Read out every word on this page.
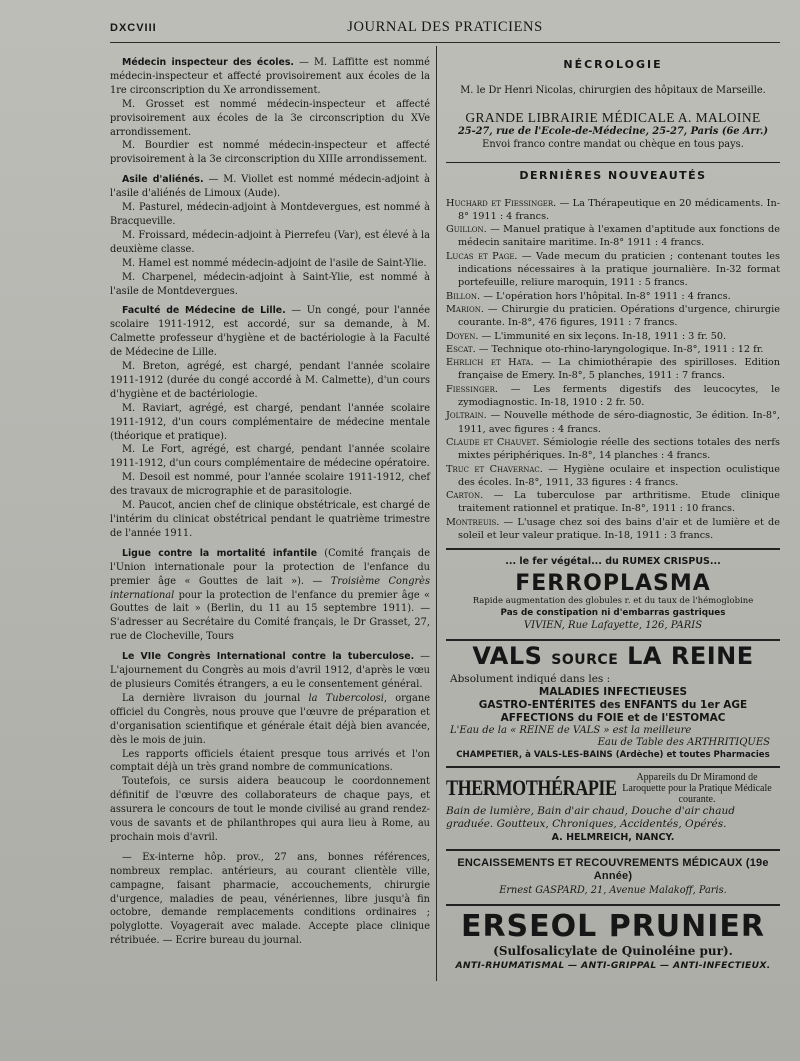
DXCVIII	JOURNAL DES PRATICIENS

Médecin inspecteur des écoles. — M. Laffitte est nommé médecin-inspecteur et affecté provisoirement aux écoles de la 1re circonscription du Xe arrondissement.

M. Grosset est nommé médecin-inspecteur et affecté provisoirement aux écoles de la 3e circonscription du XVe arrondissement.

M. Bourdier est nommé médecin-inspecteur et affecté provisoirement à la 3e circonscription du XIIIe arrondissement.

Asile d'aliénés. — M. Viollet est nommé médecin-adjoint à l'asile d'aliénés de Limoux (Aude).

M. Pasturel, médecin-adjoint à Montdevergues, est nommé à Bracqueville.

M. Froissard, médecin-adjoint à Pierrefeu (Var), est élevé à la deuxième classe.

M. Hamel est nommé médecin-adjoint de l'asile de Saint-Ylie.

M. Charpenel, médecin-adjoint à Saint-Ylie, est nommé à l'asile de Montdevergues.

Faculté de Médecine de Lille. — Un congé, pour l'année scolaire 1911-1912, est accordé, sur sa demande, à M. Calmette professeur d'hygiène et de bactériologie à la Faculté de Médecine de Lille.

M. Breton, agrégé, est chargé, pendant l'année scolaire 1911-1912 (durée du congé accordé à M. Calmette), d'un cours d'hygiène et de bactériologie.

M. Raviart, agrégé, est chargé, pendant l'année scolaire 1911-1912, d'un cours complémentaire de médecine mentale (théorique et pratique).

M. Le Fort, agrégé, est chargé, pendant l'année scolaire 1911-1912, d'un cours complémentaire de médecine opératoire.

M. Desoil est nommé, pour l'année scolaire 1911-1912, chef des travaux de micrographie et de parasitologie.

M. Paucot, ancien chef de clinique obstétricale, est chargé de l'intérim du clinicat obstétrical pendant le quatrième trimestre de l'année 1911.

Ligue contre la mortalité infantile (Comité français de l'Union internationale pour la protection de l'enfance du premier âge « Gouttes de lait »). — Troisième Congrès international pour la protection de l'enfance du premier âge « Gouttes de lait » (Berlin, du 11 au 15 septembre 1911). — S'adresser au Secrétaire du Comité français, le Dr Grasset, 27, rue de Clocheville, Tours

Le VIIe Congrès International contre la tuberculose. — L'ajournement du Congrès au mois d'avril 1912, d'après le vœu de plusieurs Comités étrangers, a eu le consentement général.

La dernière livraison du journal la Tubercolosi, organe officiel du Congrès, nous prouve que l'œuvre de préparation et d'organisation scientifique et générale était déjà bien avancée, dès le mois de juin.

Les rapports officiels étaient presque tous arrivés et l'on comptait déjà un très grand nombre de communications.

Toutefois, ce sursis aidera beaucoup le coordonnement définitif de l'œuvre des collaborateurs de chaque pays, et assurera le concours de tout le monde civilisé au grand rendez-vous de savants et de philanthropes qui aura lieu à Rome, au prochain mois d'avril.

— Ex-interne hôp. prov., 27 ans, bonnes références, nombreux remplac. antérieurs, au courant clientèle ville, campagne, faisant pharmacie, accouchements, chirurgie d'urgence, maladies de peau, vénériennes, libre jusqu'à fin octobre, demande remplacements conditions ordinaires ; polyglotte. Voyagerait avec malade. Accepte place clinique rétribuée. — Ecrire bureau du journal.

NÉCROLOGIE
M. le Dr Henri Nicolas, chirurgien des hôpitaux de Marseille.
GRANDE LIBRAIRIE MÉDICALE A. MALOINE
25-27, rue de l'Ecole-de-Médecine, 25-27, Paris (6e Arr.)
Envoi franco contre mandat ou chèque en tous pays.
DERNIÈRES NOUVEAUTÉS
Huchard et Fiessinger. — La Thérapeutique en 20 médicaments. In-8° 1911 : 4 francs.
Guillon. — Manuel pratique à l'examen d'aptitude aux fonctions de médecin sanitaire maritime. In-8° 1911 : 4 francs.
Lucas et Page. — Vade mecum du praticien ; contenant toutes les indications nécessaires à la pratique journalière. In-32 format portefeuille, reliure maroquin, 1911 : 5 francs.
Billon. — L'opération hors l'hôpital. In-8° 1911 : 4 francs.
Marion. — Chirurgie du praticien. Opérations d'urgence, chirurgie courante. In-8°, 476 figures, 1911 : 7 francs.
Doyen. — L'immunité en six leçons. In-18, 1911 : 3 fr. 50.
Escat. — Technique oto-rhino-laryngologique. In-8°, 1911 : 12 fr.
Ehrlich et Hata. — La chimiothérapie des spirilloses. Edition française de Emery. In-8°, 5 planches, 1911 : 7 francs.
Fiessinger. — Les ferments digestifs des leucocytes, le zymodiagnostic. In-18, 1910 : 2 fr. 50.
Joltrain. — Nouvelle méthode de séro-diagnostic, 3e édition. In-8°, 1911, avec figures : 4 francs.
Claude et Chauvet. Sémiologie réelle des sections totales des nerfs mixtes périphériques. In-8°, 14 planches : 4 francs.
Truc et Chavernac. — Hygiène oculaire et inspection oculistique des écoles. In-8°, 1911, 33 figures : 4 francs.
Carton. — La tuberculose par arthritisme. Etude clinique traitement rationnel et pratique. In-8°, 1911 : 10 francs.
Montreuis. — L'usage chez soi des bains d'air et de lumière et de soleil et leur valeur pratique. In-18, 1911 : 3 francs.
... le fer végétal... du RUMEX CRISPUS...
FERROPLASMA
Rapide augmentation des globules r. et du taux de l'hémoglobine
Pas de constipation ni d'embarras gastriques
VIVIEN, Rue Lafayette, 126, PARIS
VALS SOURCE LA REINE
Absolument indiqué dans les :
MALADIES INFECTIEUSES
GASTRO-ENTÉRITES des ENFANTS du 1er AGE
AFFECTIONS du FOIE et de l'ESTOMAC
L'Eau de la « REINE de VALS » est la meilleure
Eau de Table des ARTHRITIQUES
CHAMPETIER, à VALS-LES-BAINS (Ardèche) et toutes Pharmacies
THERMOTHÉRAPIE	Appareils du Dr Miramond de Laroquette pour la Pratique Médicale courante.
Bain de lumière, Bain d'air chaud, Douche d'air chaud graduée. Goutteux, Chroniques, Accidentés, Opérés.
A. HELMREICH, NANCY.
ENCAISSEMENTS ET RECOUVREMENTS MÉDICAUX (19e Année)
Ernest GASPARD, 21, Avenue Malakoff, Paris.
ERSEOL PRUNIER
(Sulfosalicylate de Quinoléine pur).
ANTI-RHUMATISMAL — ANTI-GRIPPAL — ANTI-INFECTIEUX.
